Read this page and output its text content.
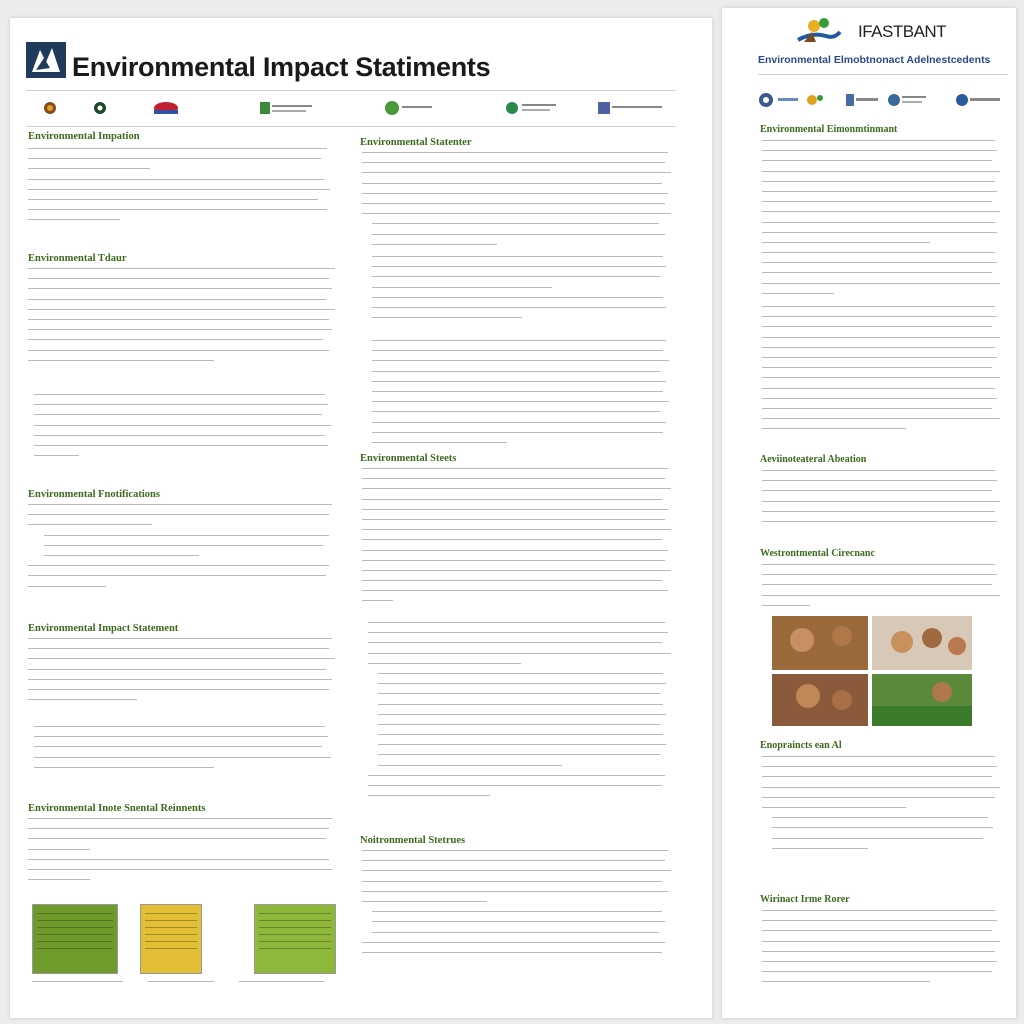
Environmental Impact Statiments
Environmental Impation
Environmental Tdaur
Environmental Fnotifications
Environmental Impact Statement
Environmental Inote Snental Reinnents
Environmental Statenter
Environmental Steets
Noitronmental Stetrues
IFASTBANT
Environmental Elmobtnonact Adelnestcedents
Environmental Eimonmtinmant
Aeviinoteateral Abeation
Westrontmental Cirecnanc
Enopraincts ean Al
Wirinact Irme Rorer
